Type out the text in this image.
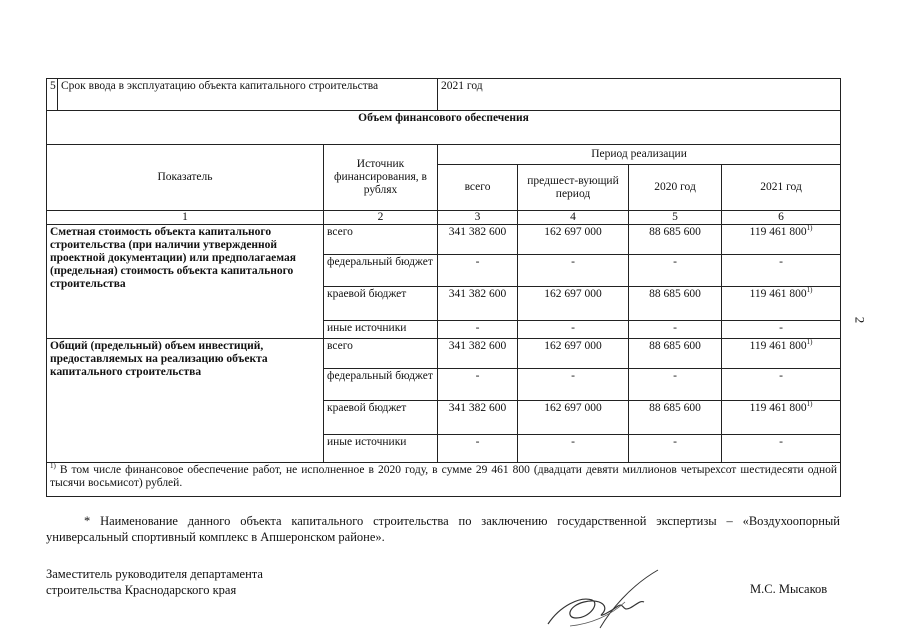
2
5	Срок ввода в эксплуатацию объекта капитального строительства		2021 год			
Объем финансового обеспечения						
Показатель		Источник финансирования, в рублях	Период реализации			
			всего	предшест-вующий период	2020 год	2021 год
1		2	3	4	5	6
Сметная стоимость объекта капитального строительства (при наличии утвержденной проектной документации) или предполагаемая (предельная) стоимость объекта капитального строительства		всего	341 382 600	162 697 000	88 685 600	119 461 800$^{1)}$
		федеральный бюджет	-	-	-	-
		краевой бюджет	341 382 600	162 697 000	88 685 600	119 461 800$^{1)}$
		иные источники	-	-	-	-
Общий (предельный) объем инвестиций, предоставляемых на реализацию объекта капитального строительства		всего	341 382 600	162 697 000	88 685 600	119 461 800$^{1)}$
		федеральный бюджет	-	-	-	-
		краевой бюджет	341 382 600	162 697 000	88 685 600	119 461 800$^{1)}$
		иные источники	-	-	-	-
$^{1)}$ В том числе финансовое обеспечение работ, не исполненное в 2020 году, в сумме 29 461 800 (двадцати девяти миллионов четырехсот шестидесяти одной тысячи восьмисот) рублей.						
* Наименование данного объекта капитального строительства по заключению государственной экспертизы – «Воздухоопорный универсальный спортивный комплекс в Апшеронском районе».
Заместитель руководителя департамента
строительства Краснодарского края	М.С. Мысаков
